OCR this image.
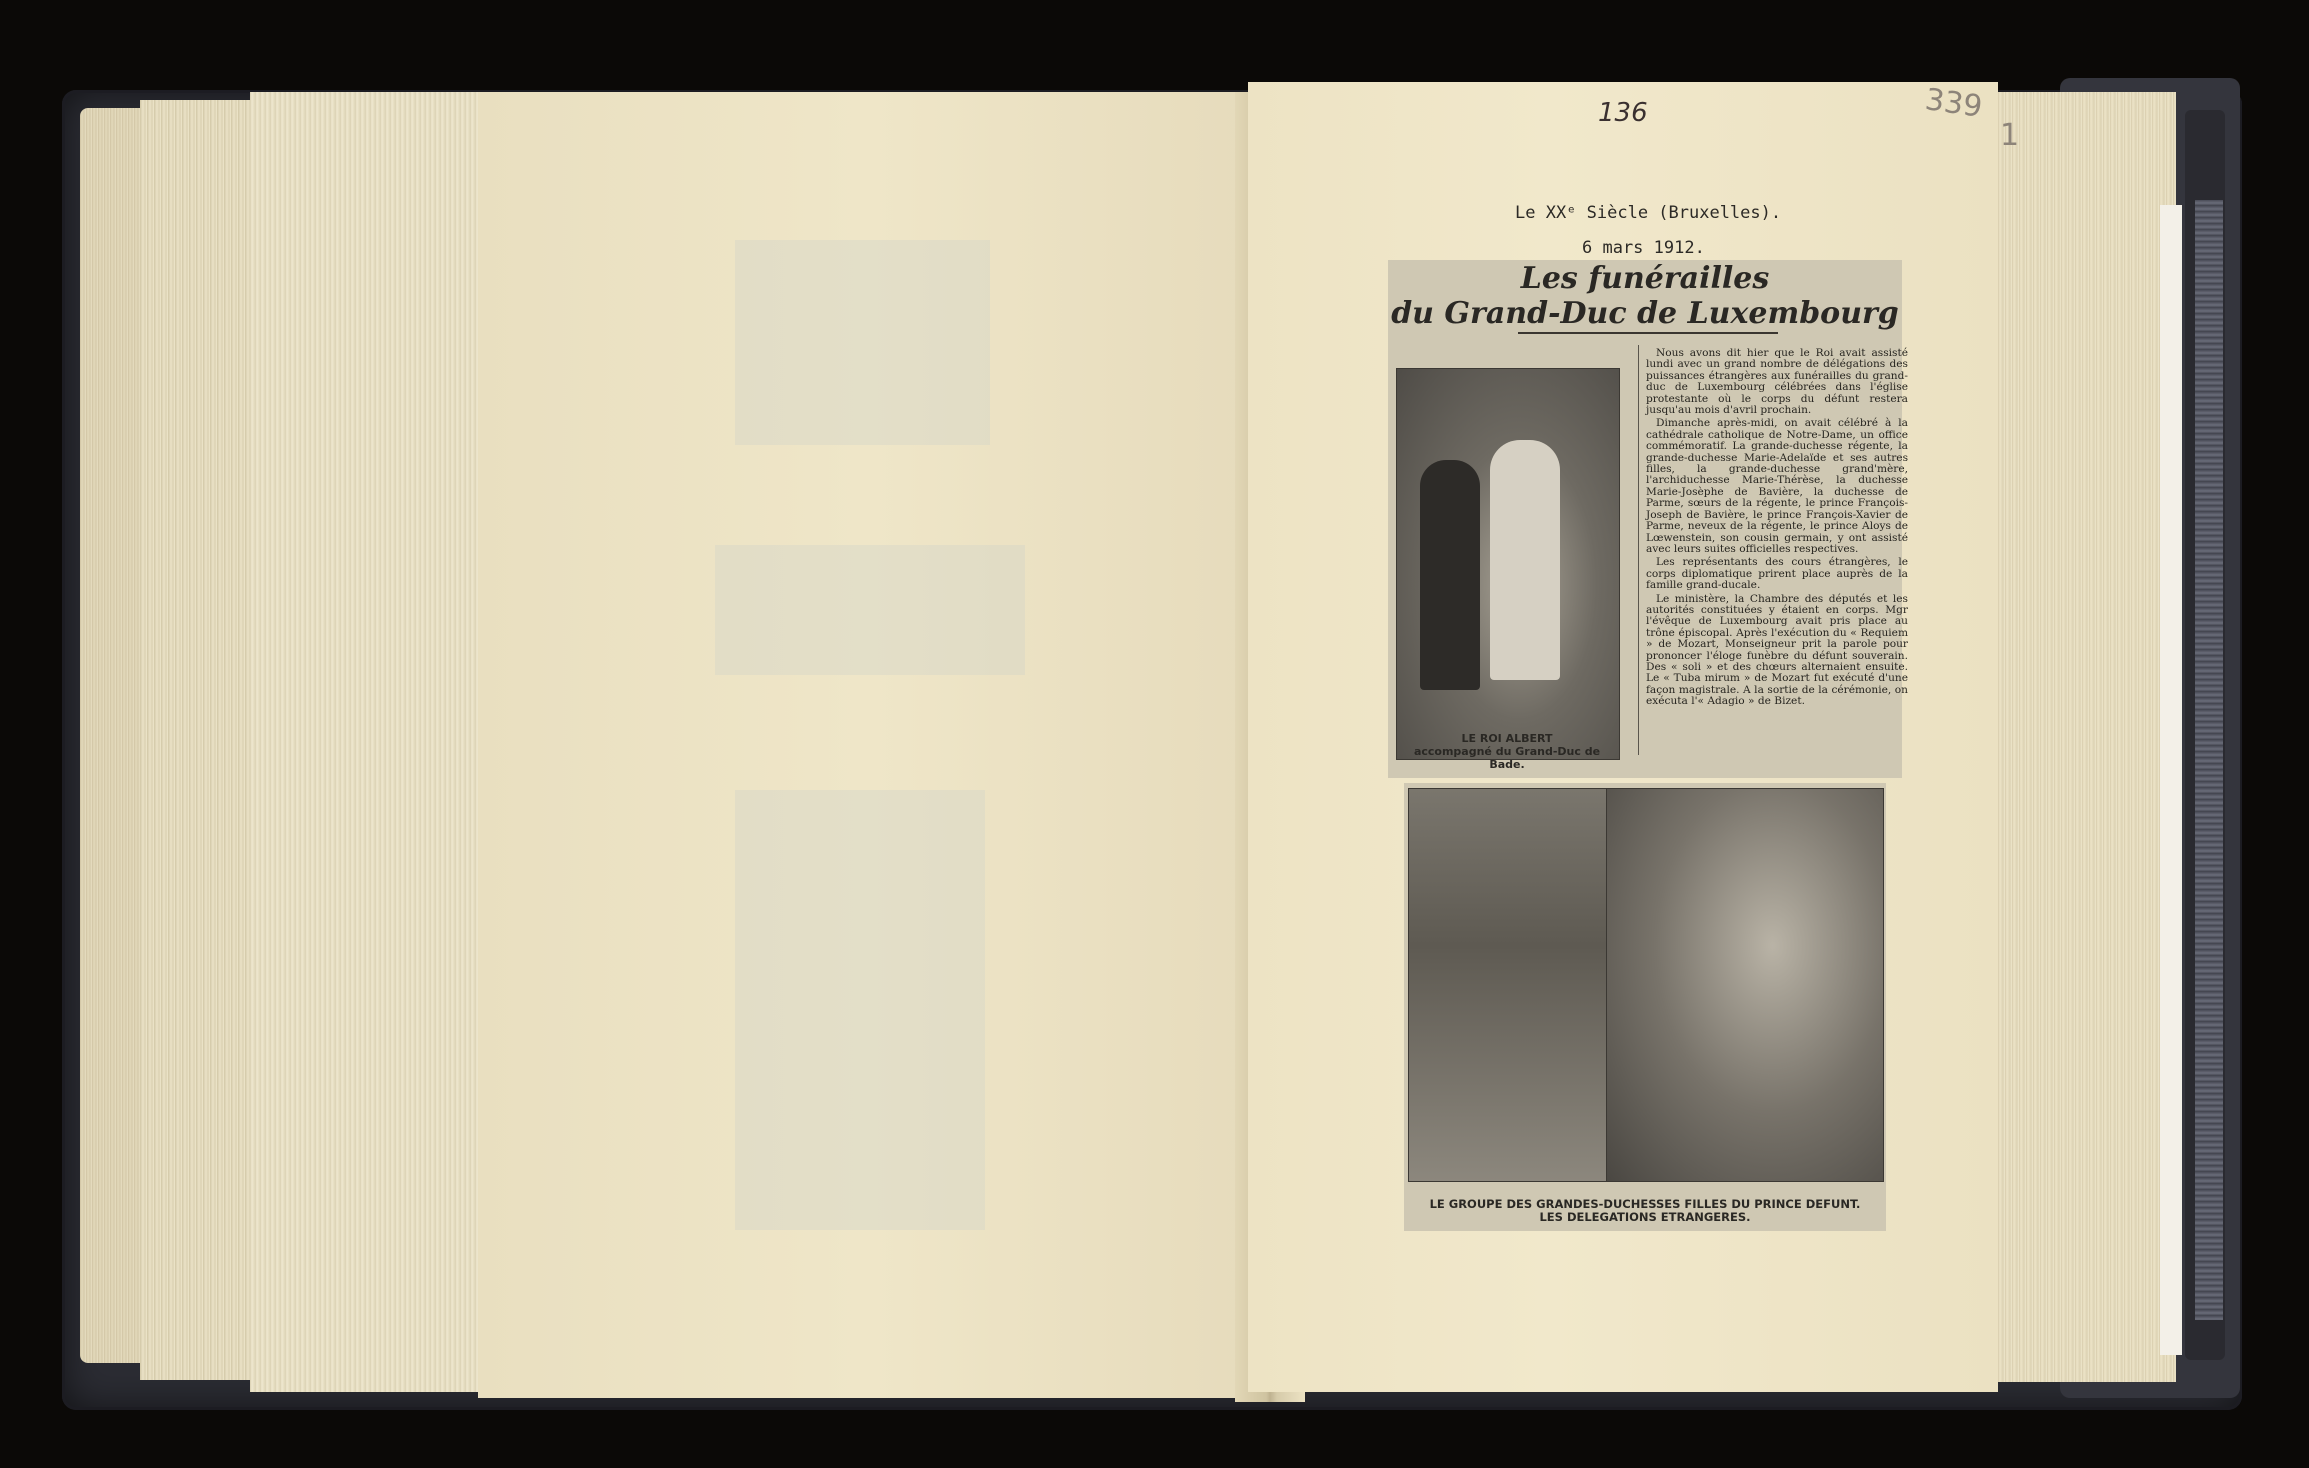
136	339
1
Le XXᵉ Siècle (Bruxelles).
6 mars 1912.
Les funérailles
du Grand-Duc de Luxembourg
LE ROI ALBERT
accompagné du Grand-Duc de Bade.

Nous avons dit hier que le Roi avait assisté lundi avec un grand nombre de délégations des puissances étrangères aux funérailles du grand-duc de Luxembourg célébrées dans l'église protestante où le corps du défunt restera jusqu'au mois d'avril prochain.

Dimanche après-midi, on avait célébré à la cathédrale catholique de Notre-Dame, un office commémoratif. La grande-duchesse régente, la grande-duchesse Marie-Adelaïde et ses autres filles, la grande-duchesse grand'mère, l'archiduchesse Marie-Thérèse, la duchesse Marie-Josèphe de Bavière, la duchesse de Parme, sœurs de la régente, le prince François-Joseph de Bavière, le prince François-Xavier de Parme, neveux de la régente, le prince Aloys de Lœwenstein, son cousin germain, y ont assisté avec leurs suites officielles respectives.

Les représentants des cours étrangères, le corps diplomatique prirent place auprès de la famille grand-ducale.

Le ministère, la Chambre des députés et les autorités constituées y étaient en corps. Mgr l'évêque de Luxembourg avait pris place au trône épiscopal. Après l'exécution du « Requiem » de Mozart, Monseigneur prit la parole pour prononcer l'éloge funèbre du défunt souverain. Des « soli » et des chœurs alternaient ensuite. Le « Tuba mirum » de Mozart fut exécuté d'une façon magistrale. A la sortie de la cérémonie, on exécuta l'« Adagio » de Bizet.

LE GROUPE DES GRANDES-DUCHESSES FILLES DU PRINCE DEFUNT.
LES DELEGATIONS ETRANGERES.
